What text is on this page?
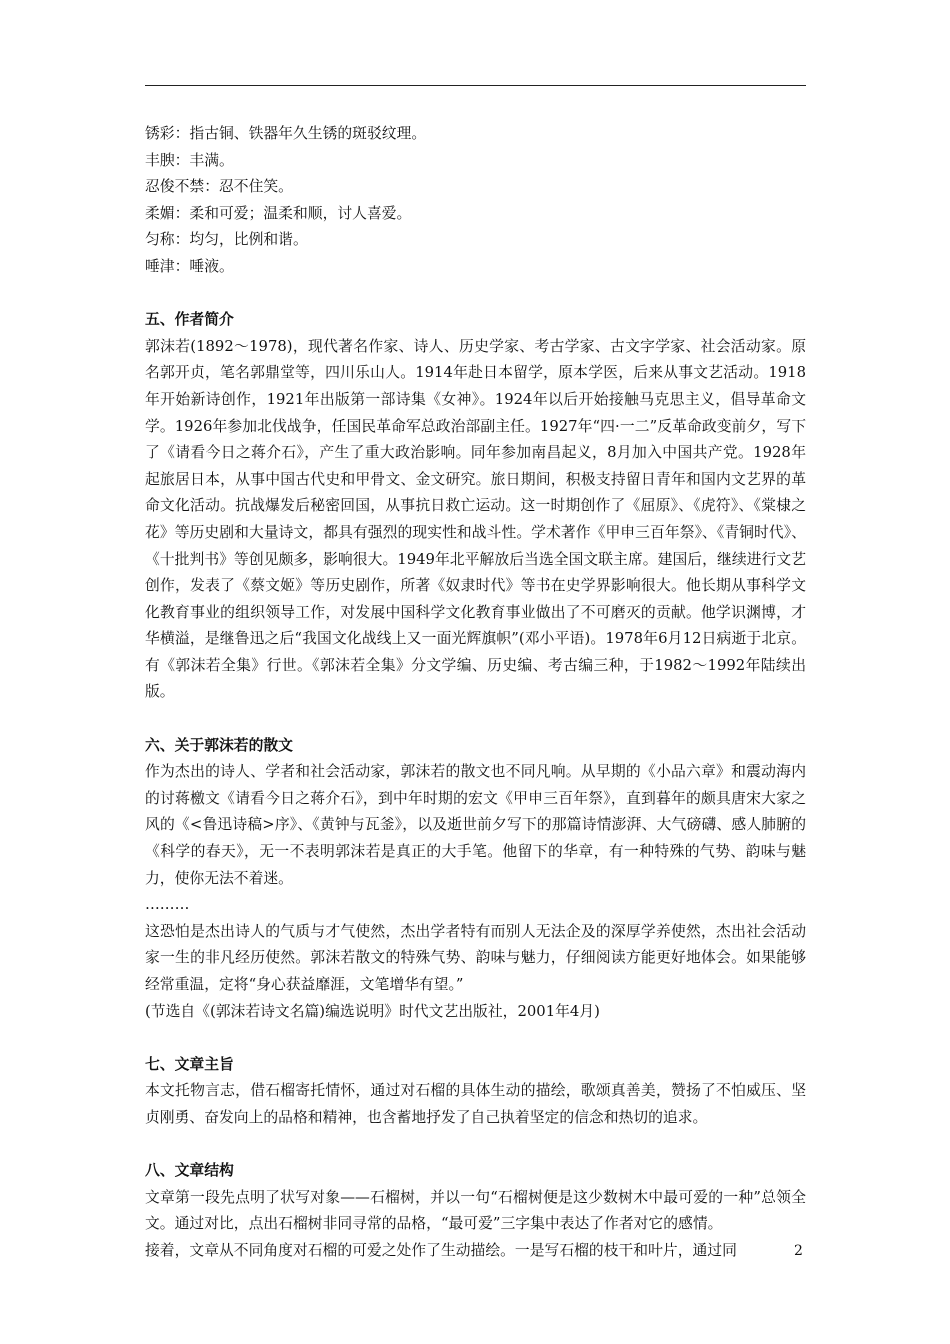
锈彩：指古铜、铁器年久生锈的斑驳纹理。

丰腴：丰满。

忍俊不禁：忍不住笑。

柔媚：柔和可爱；温柔和顺，讨人喜爱。

匀称：均匀，比例和谐。

唾津：唾液。

五、作者简介

郭沫若(1892～1978)，现代著名作家、诗人、历史学家、考古学家、古文字学家、社会活动家。原名郭开贞，笔名郭鼎堂等，四川乐山人。1914年赴日本留学，原本学医，后来从事文艺活动。1918年开始新诗创作，1921年出版第一部诗集《女神》。1924年以后开始接触马克思主义，倡导革命文学。1926年参加北伐战争，任国民革命军总政治部副主任。1927年“四·一二”反革命政变前夕，写下了《请看今日之蒋介石》，产生了重大政治影响。同年参加南昌起义，8月加入中国共产党。1928年起旅居日本，从事中国古代史和甲骨文、金文研究。旅日期间，积极支持留日青年和国内文艺界的革命文化活动。抗战爆发后秘密回国，从事抗日救亡运动。这一时期创作了《屈原》、《虎符》、《棠棣之花》等历史剧和大量诗文，都具有强烈的现实性和战斗性。学术著作《甲申三百年祭》、《青铜时代》、《十批判书》等创见颇多，影响很大。1949年北平解放后当选全国文联主席。建国后，继续进行文艺创作，发表了《蔡文姬》等历史剧作，所著《奴隶时代》等书在史学界影响很大。他长期从事科学文化教育事业的组织领导工作，对发展中国科学文化教育事业做出了不可磨灭的贡献。他学识渊博，才华横溢，是继鲁迅之后“我国文化战线上又一面光辉旗帜”(邓小平语)。1978年6月12日病逝于北京。有《郭沫若全集》行世。《郭沫若全集》分文学编、历史编、考古编三种，于1982～1992年陆续出版。

六、关于郭沫若的散文

作为杰出的诗人、学者和社会活动家，郭沫若的散文也不同凡响。从早期的《小品六章》和震动海内的讨蒋檄文《请看今日之蒋介石》，到中年时期的宏文《甲申三百年祭》，直到暮年的颇具唐宋大家之风的《<鲁迅诗稿>序》、《黄钟与瓦釜》，以及逝世前夕写下的那篇诗情澎湃、大气磅礴、感人肺腑的《科学的春天》，无一不表明郭沫若是真正的大手笔。他留下的华章，有一种特殊的气势、韵味与魅力，使你无法不着迷。

………

这恐怕是杰出诗人的气质与才气使然，杰出学者特有而别人无法企及的深厚学养使然，杰出社会活动家一生的非凡经历使然。郭沫若散文的特殊气势、韵味与魅力，仔细阅读方能更好地体会。如果能够经常重温，定将“身心获益靡涯，文笔增华有望。”

(节选自《(郭沫若诗文名篇)编选说明》时代文艺出版社，2001年4月)

七、文章主旨

本文托物言志，借石榴寄托情怀，通过对石榴的具体生动的描绘，歌颂真善美，赞扬了不怕威压、坚贞刚勇、奋发向上的品格和精神，也含蓄地抒发了自己执着坚定的信念和热切的追求。

八、文章结构

文章第一段先点明了状写对象——石榴树，并以一句“石榴树便是这少数树木中最可爱的一种”总领全文。通过对比，点出石榴树非同寻常的品格，“最可爱”三字集中表达了作者对它的感情。

接着，文章从不同角度对石榴的可爱之处作了生动描绘。一是写石榴的枝干和叶片，通过同	2
